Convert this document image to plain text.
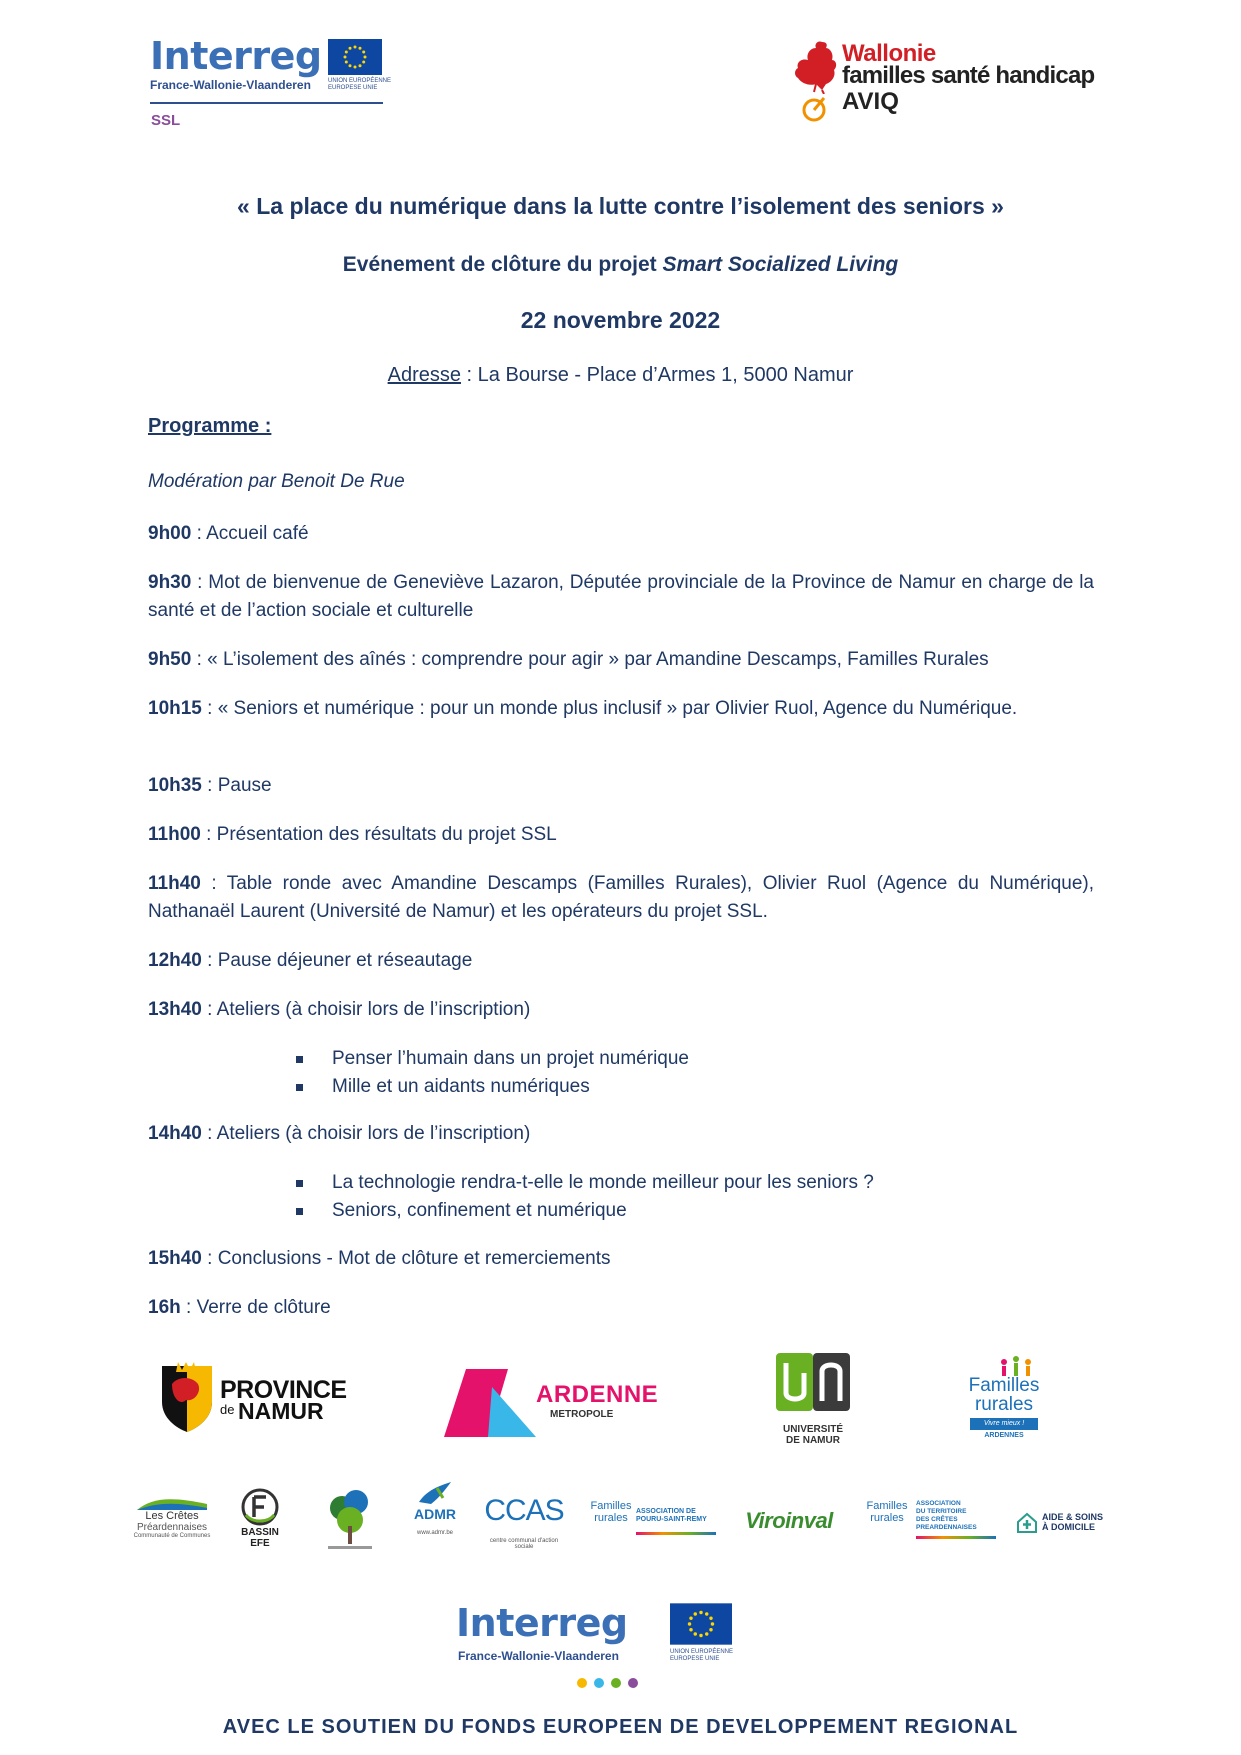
Interreg
France-Wallonie-Vlaanderen	UNION EUROPÉENNE
EUROPESE UNIE
SSL
Wallonie
familles santé handicap
AVIQ
« La place du numérique dans la lutte contre l’isolement des seniors »
Evénement de clôture du projet Smart Socialized Living
22 novembre 2022
Adresse : La Bourse - Place d’Armes 1, 5000 Namur
Programme :
Modération par Benoit De Rue
9h00 : Accueil café
9h30 : Mot de bienvenue de Geneviève Lazaron, Députée provinciale de la Province de Namur en charge de la santé et de l’action sociale et culturelle
9h50 : « L’isolement des aînés : comprendre pour agir » par Amandine Descamps, Familles Rurales
10h15 : « Seniors et numérique : pour un monde plus inclusif » par Olivier Ruol, Agence du Numérique.
10h35 : Pause
11h00 : Présentation des résultats du projet SSL
11h40 : Table ronde avec Amandine Descamps (Familles Rurales), Olivier Ruol (Agence du Numérique), Nathanaël Laurent (Université de Namur) et les opérateurs du projet SSL.
12h40 : Pause déjeuner et réseautage
13h40 : Ateliers (à choisir lors de l’inscription)
Penser l’humain dans un projet numérique
Mille et un aidants numériques
14h40 : Ateliers (à choisir lors de l’inscription)
La technologie rendra-t-elle le monde meilleur pour les seniors ?
Seniors, confinement et numérique
15h40 : Conclusions - Mot de clôture et remerciements
16h : Verre de clôture
PROVINCE
de NAMUR
ARDENNE
METROPOLE
UNIVERSITÉ
DE NAMUR
Familles
rurales
Vivre mieux !
ARDENNES
Les Crêtes
Préardennaises
Communauté de Communes	BASSIN EFE
ADMR
www.admr.be
CCAS
centre communal d'action sociale
Familles
rurales
ASSOCIATION DE
POURU-SAINT-REMY	Viroinval
Familles
rurales
ASSOCIATION
DU TERRITOIRE
DES CRÊTES
PREARDENNAISES
AIDE & SOINS
À DOMICILE
Interreg
France-Wallonie-Vlaanderen	UNION EUROPÉENNE
EUROPESE UNIE
AVEC LE SOUTIEN DU FONDS EUROPEEN DE DEVELOPPEMENT REGIONAL
